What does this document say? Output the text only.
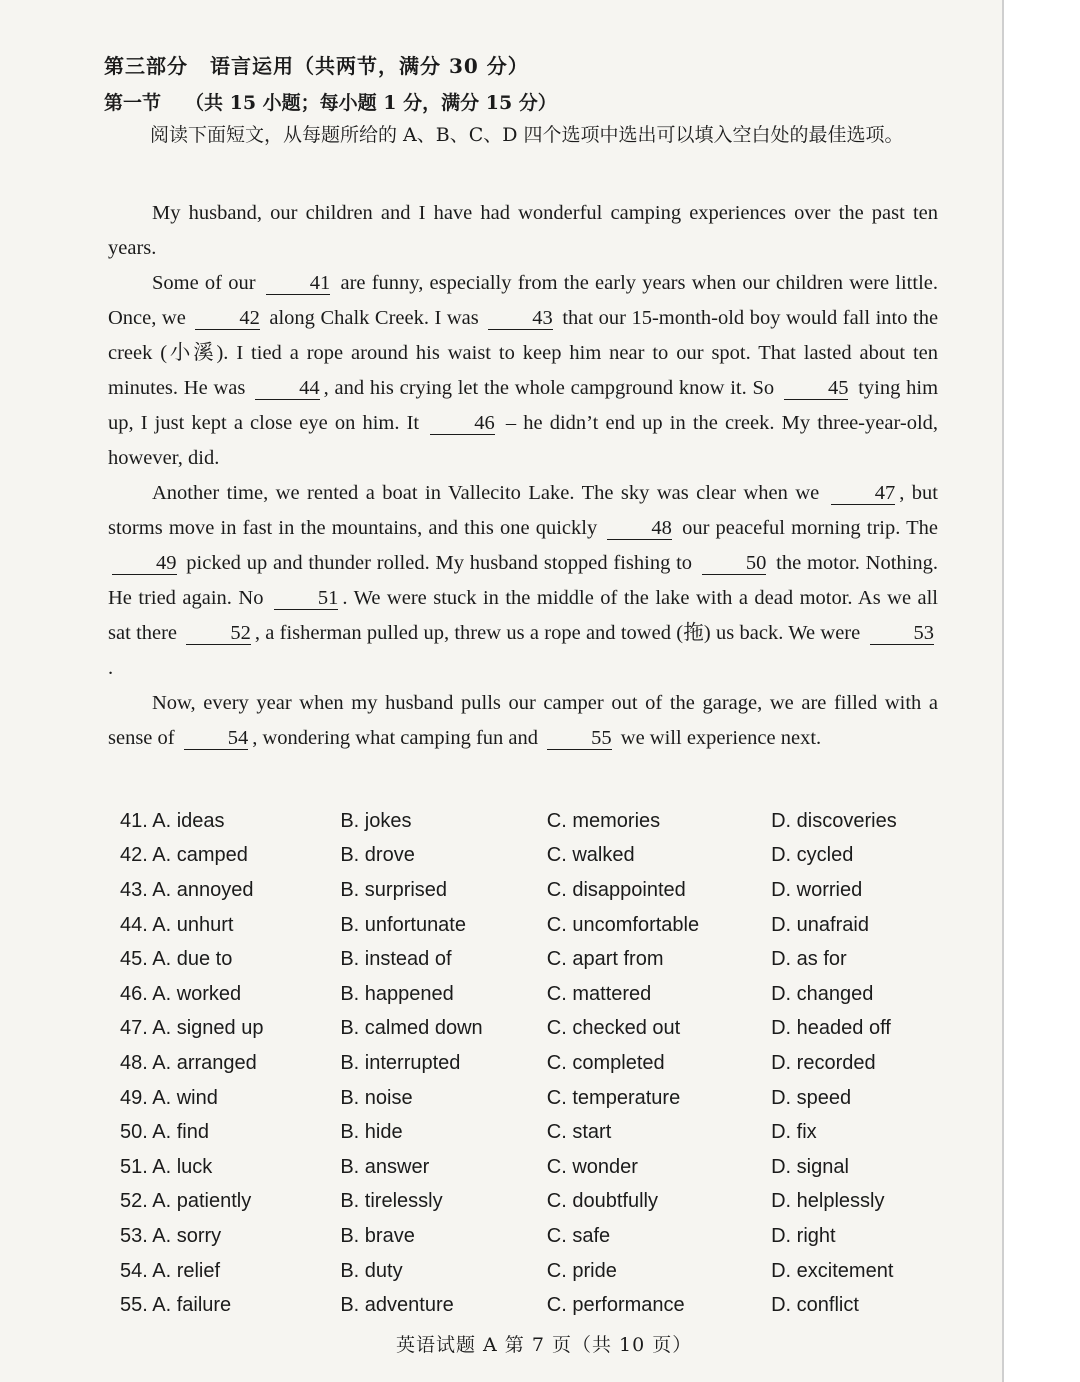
第三部分 语言运用（共两节，满分 30 分）
第一节 （共 15 小题；每小题 1 分，满分 15 分）
阅读下面短文，从每题所给的 A、B、C、D 四个选项中选出可以填入空白处的最佳选项。

My husband, our children and I have had wonderful camping experiences over the past ten years.

Some of our	41 are funny, especially from the early years when our children were little. Once, we	42 along Chalk Creek. I was	43 that our 15-month-old boy would fall into the creek (小溪). I tied a rope around his waist to keep him near to our spot. That lasted about ten minutes. He was	44 , and his crying let the whole campground know it. So	45 tying him up, I just kept a close eye on him. It	46 – he didn’t end up in the creek. My three-year-old, however, did.

Another time, we rented a boat in Vallecito Lake. The sky was clear when we	47 , but storms move in fast in the mountains, and this one quickly	48 our peaceful morning trip. The 49 picked up and thunder rolled. My husband stopped fishing to	50 the motor. Nothing. He tried again. No	51 . We were stuck in the middle of the lake with a dead motor. As we all sat there	52 , a fisherman pulled up, threw us a rope and towed (拖) us back. We were	53.

Now, every year when my husband pulls our camper out of the garage, we are filled with a sense of	54 , wondering what camping fun and	55 we will experience next.

41. A. ideas	B. jokes	C. memories	D. discoveries
42. A. camped	B. drove	C. walked	D. cycled
43. A. annoyed	B. surprised	C. disappointed	D. worried
44. A. unhurt	B. unfortunate	C. uncomfortable	D. unafraid
45. A. due to	B. instead of	C. apart from	D. as for
46. A. worked	B. happened	C. mattered	D. changed
47. A. signed up	B. calmed down	C. checked out	D. headed off
48. A. arranged	B. interrupted	C. completed	D. recorded
49. A. wind	B. noise	C. temperature	D. speed
50. A. find	B. hide	C. start	D. fix
51. A. luck	B. answer	C. wonder	D. signal
52. A. patiently	B. tirelessly	C. doubtfully	D. helplessly
53. A. sorry	B. brave	C. safe	D. right
54. A. relief	B. duty	C. pride	D. excitement
55. A. failure	B. adventure	C. performance	D. conflict
英语试题 A 第 7 页（共 10 页）
